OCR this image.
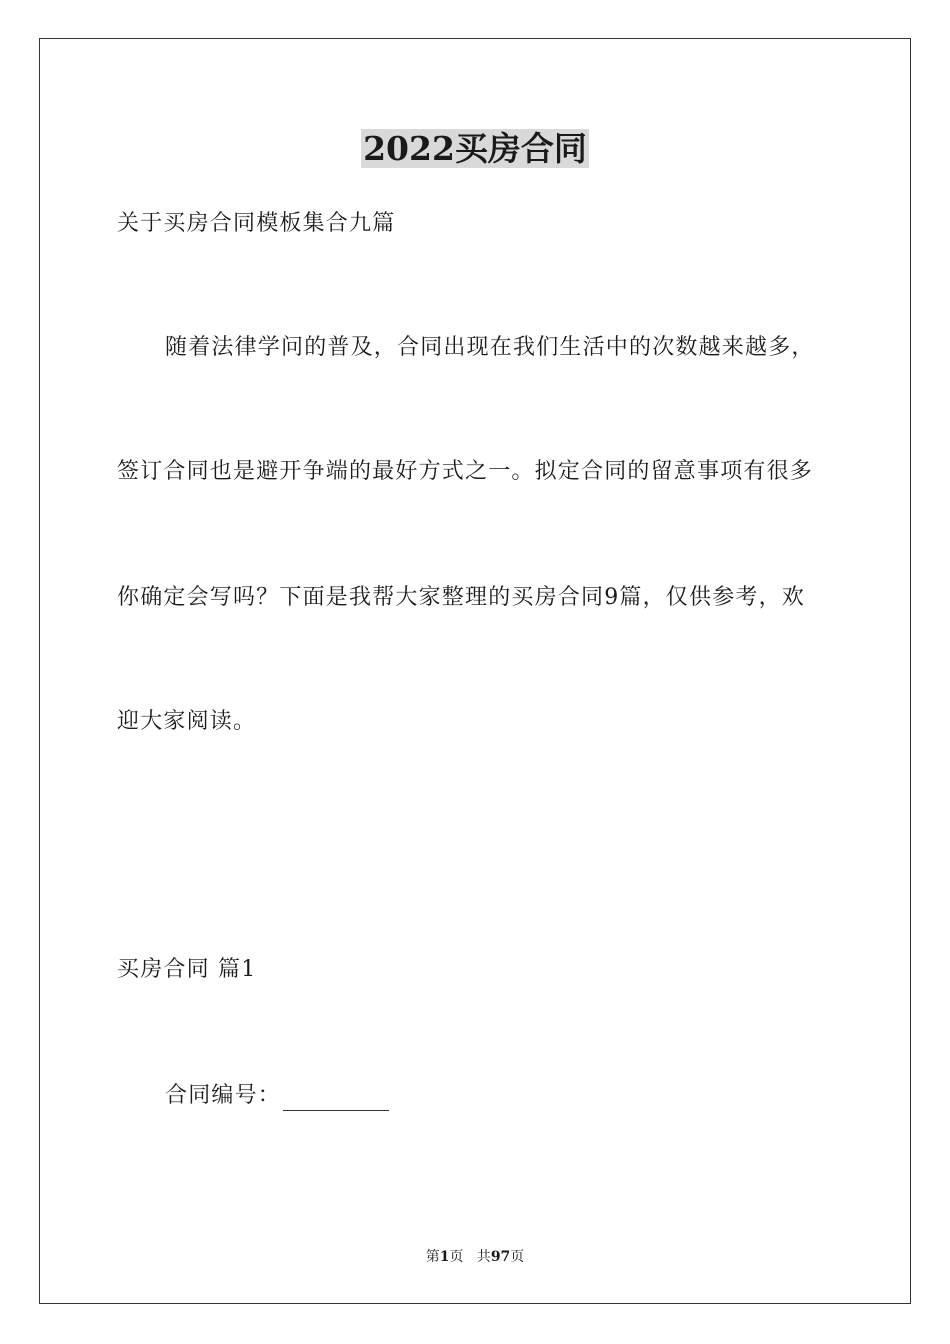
2022买房合同
关于买房合同模板集合九篇
随着法律学问的普及，合同出现在我们生活中的次数越来越多，
签订合同也是避开争端的最好方式之一。拟定合同的留意事项有很多
你确定会写吗？下面是我帮大家整理的买房合同9篇，仅供参考，欢
迎大家阅读。
买房合同 篇1
合同编号：
第1页   共97页
